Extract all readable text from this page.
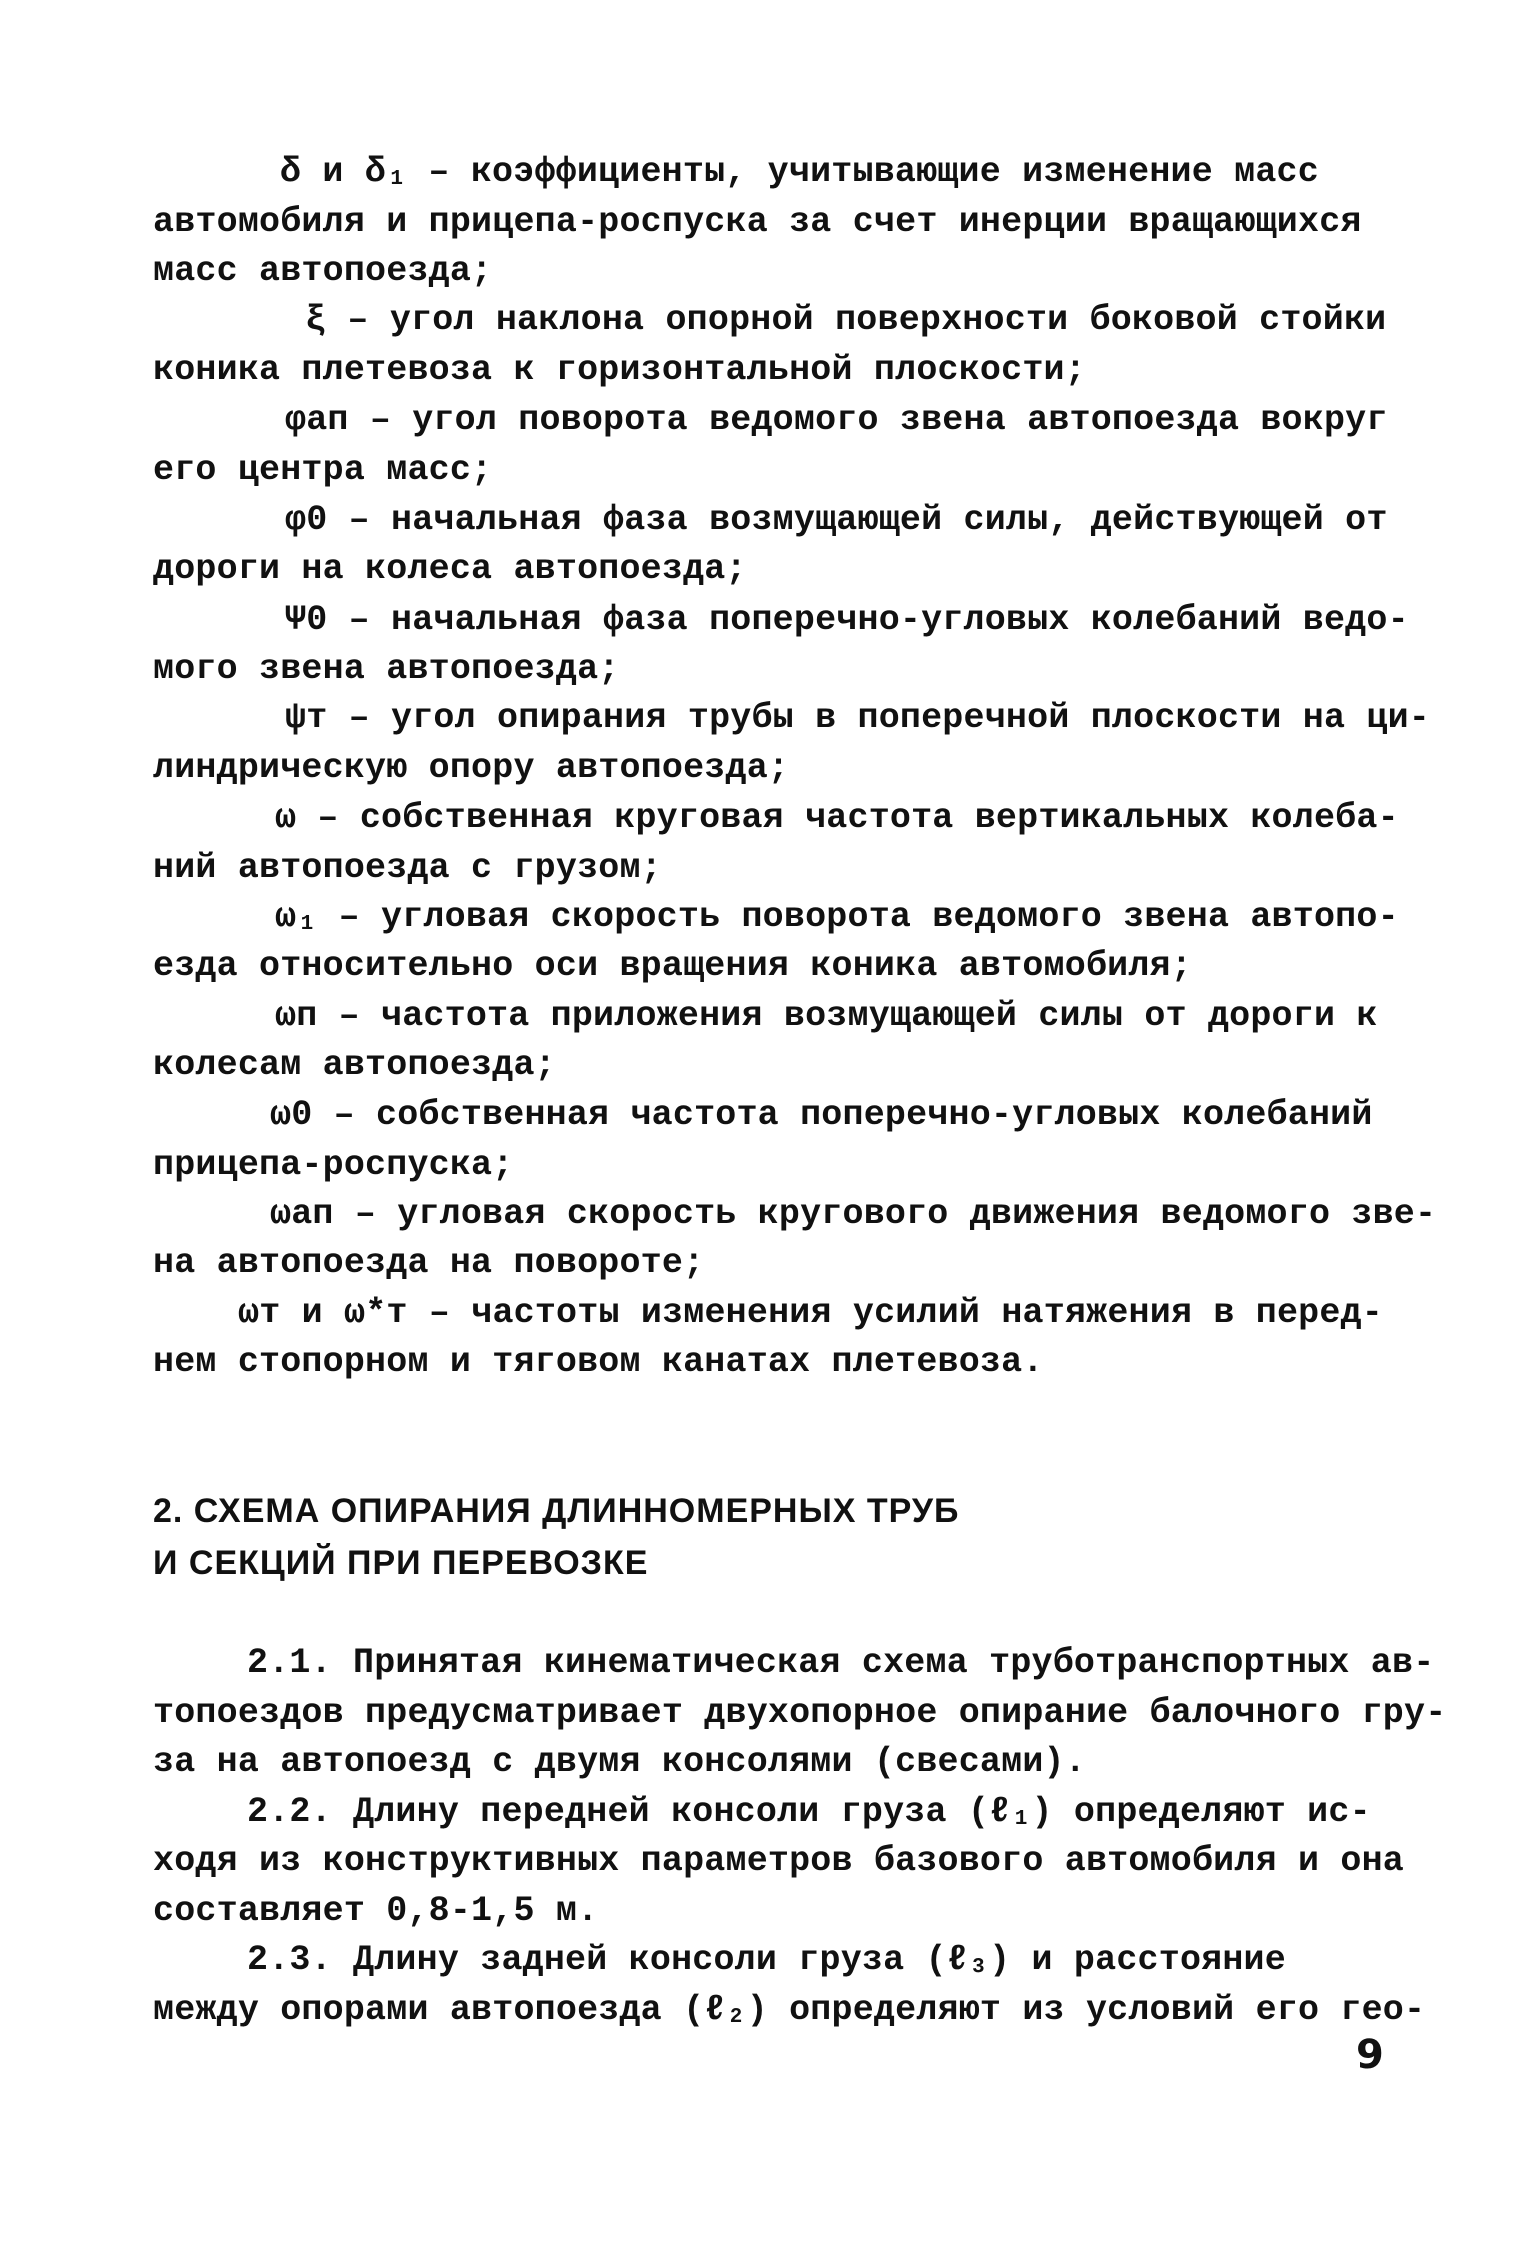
δ и δ₁ – коэффициенты, учитывающие изменение масс
автомобиля и прицепа-роспуска за счет инерции вращающихся
масс автопоезда;
ξ – угол наклона опорной поверхности боковой стойки
коника плетевоза к горизонтальной плоскости;
φап – угол поворота ведомого звена автопоезда вокруг
его центра масс;
φ0 – начальная фаза возмущающей силы, действующей от
дороги на колеса автопоезда;
Ψ0 – начальная фаза поперечно-угловых колебаний ведо-
мого звена автопоезда;
ψт – угол опирания трубы в поперечной плоскости на ци-
линдрическую опору автопоезда;
ω – собственная круговая частота вертикальных колеба-
ний автопоезда с грузом;
ω₁ – угловая скорость поворота ведомого звена автопо-
езда относительно оси вращения коника автомобиля;
ωп – частота приложения возмущающей силы от дороги к
колесам автопоезда;
ω0 – собственная частота поперечно-угловых колебаний
прицепа-роспуска;
ωап – угловая скорость кругового движения ведомого зве-
на автопоезда на повороте;
ωт и ω*т – частоты изменения усилий натяжения в перед-
нем стопорном и тяговом канатах плетевоза.
2. СХЕМА ОПИРАНИЯ ДЛИННОМЕРНЫХ ТРУБ
И СЕКЦИЙ ПРИ ПЕРЕВОЗКЕ
2.1. Принятая кинематическая схема труботранспортных ав-
топоездов предусматривает двухопорное опирание балочного гру-
за на автопоезд с двумя консолями (свесами).
2.2. Длину передней консоли груза (ℓ₁) определяют ис-
ходя из конструктивных параметров базового автомобиля и она
составляет 0,8-1,5 м.
2.3. Длину задней консоли груза (ℓ₃) и расстояние
между опорами автопоезда (ℓ₂) определяют из условий его гео-
9
